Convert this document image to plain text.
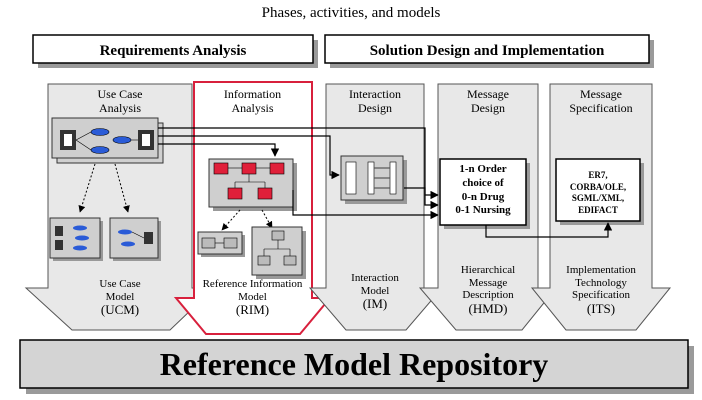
Phases, activities, and models
Requirements Analysis	Solution Design and Implementation
Reference Model Repository
Use Case
Analysis
Information
Analysis
Interaction
Design
Message
Design
Message
Specification
Use Case
Model
(UCM)
Reference Information
Model
(RIM)
Interaction
Model
(IM)
Hierarchical
Message
Description
(HMD)
Implementation
Technology
Specification
(ITS)
1-n Order
choice of
0-n Drug
0-1 Nursing
ER7,
CORBA/OLE,
SGML/XML,
EDIFACT
